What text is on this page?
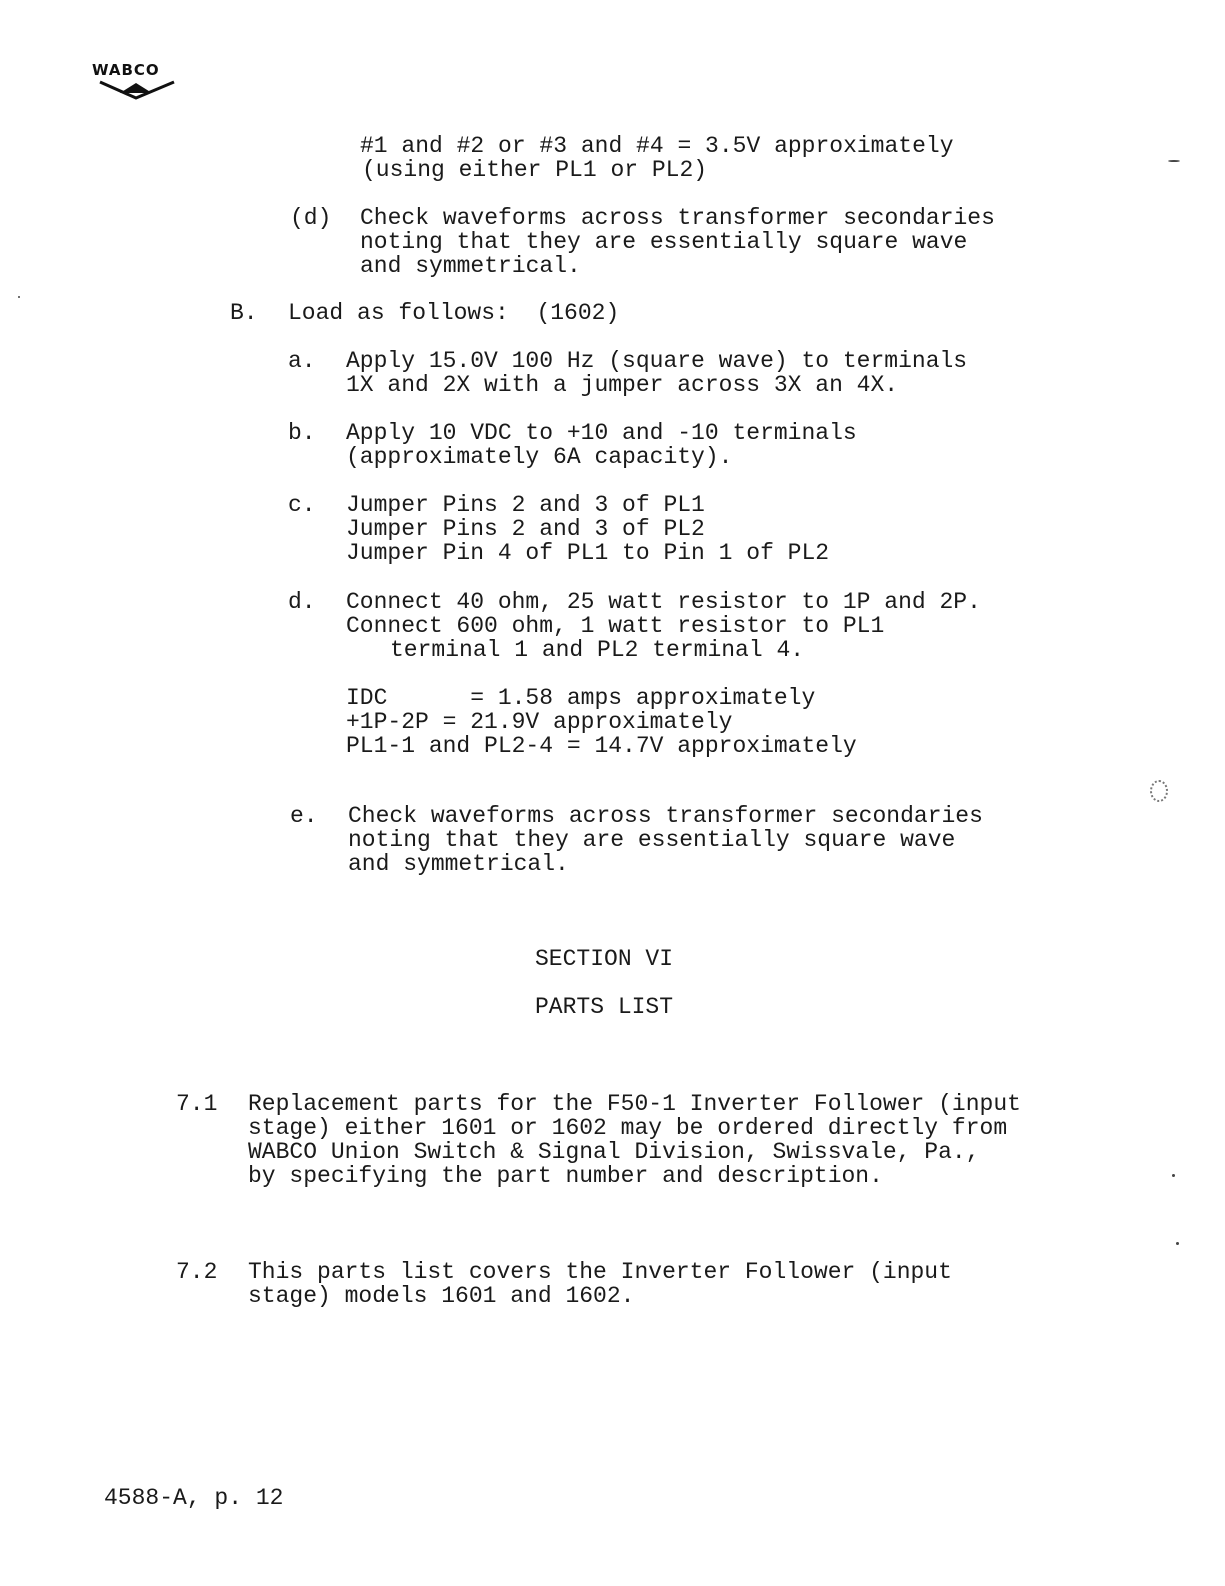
WABCO
#1 and #2 or #3 and #4 = 3.5V approximately
(using either PL1 or PL2)
(d) Check waveforms across transformer secondaries
noting that they are essentially square wave
and symmetrical.
B. Load as follows:  (1602)
a. Apply 15.0V 100 Hz (square wave) to terminals
1X and 2X with a jumper across 3X an 4X.
b. Apply 10 VDC to +10 and -10 terminals
(approximately 6A capacity).
c. Jumper Pins 2 and 3 of PL1
Jumper Pins 2 and 3 of PL2
Jumper Pin 4 of PL1 to Pin 1 of PL2
d. Connect 40 ohm, 25 watt resistor to 1P and 2P.
Connect 600 ohm, 1 watt resistor to PL1
terminal 1 and PL2 terminal 4.
IDC      = 1.58 amps approximately
+1P-2P = 21.9V approximately
PL1-1 and PL2-4 = 14.7V approximately
e. Check waveforms across transformer secondaries
noting that they are essentially square wave
and symmetrical.
SECTION VI
PARTS LIST
7.1 Replacement parts for the F50-1 Inverter Follower (input
stage) either 1601 or 1602 may be ordered directly from
WABCO Union Switch & Signal Division, Swissvale, Pa.,
by specifying the part number and description.
7.2 This parts list covers the Inverter Follower (input
stage) models 1601 and 1602.
4588-A, p. 12
